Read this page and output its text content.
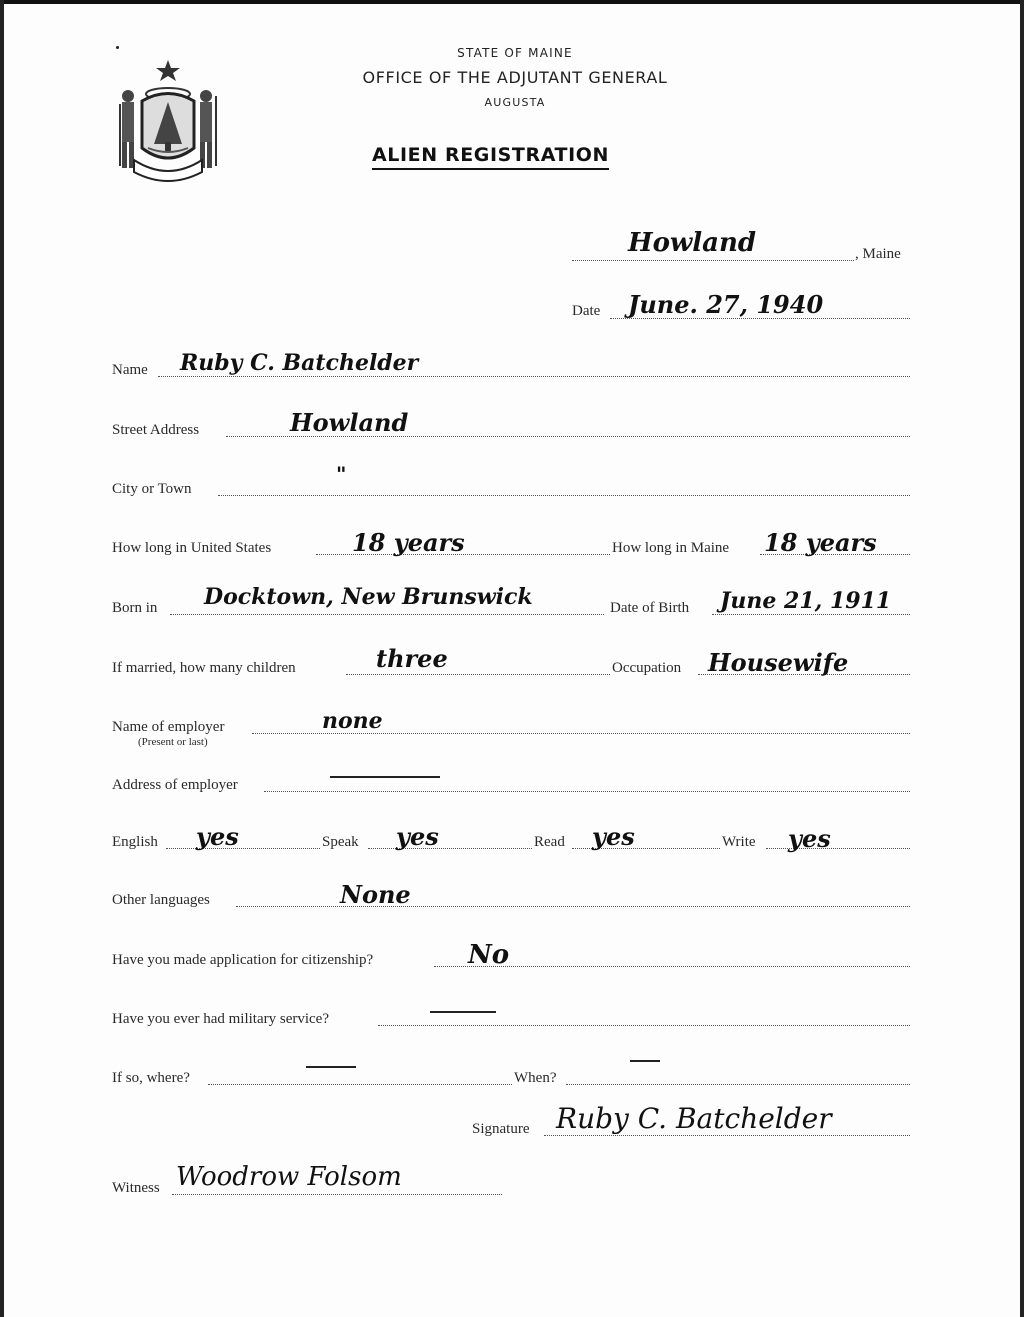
STATE OF MAINE
OFFICE OF THE ADJUTANT GENERAL
AUGUSTA
ALIEN REGISTRATION
Howland	, Maine
Date June. 27, 1940
Name Ruby C. Batchelder
Street Address	Howland
City or Town
"
How long in United States	18 years	How long in Maine 18 years
Born in Docktown, New Brunswick	Date of Birth June 21, 1911
If married, how many children	three	Occupation Housewife
Name of employer
(Present or last)
none
Address of employer
English yes	Speak yes	Read yes	Write yes
Other languages	None
Have you made application for citizenship?	No
Have you ever had military service?
If so, where?	When?
Signature Ruby C. Batchelder
Witness Woodrow Folsom
